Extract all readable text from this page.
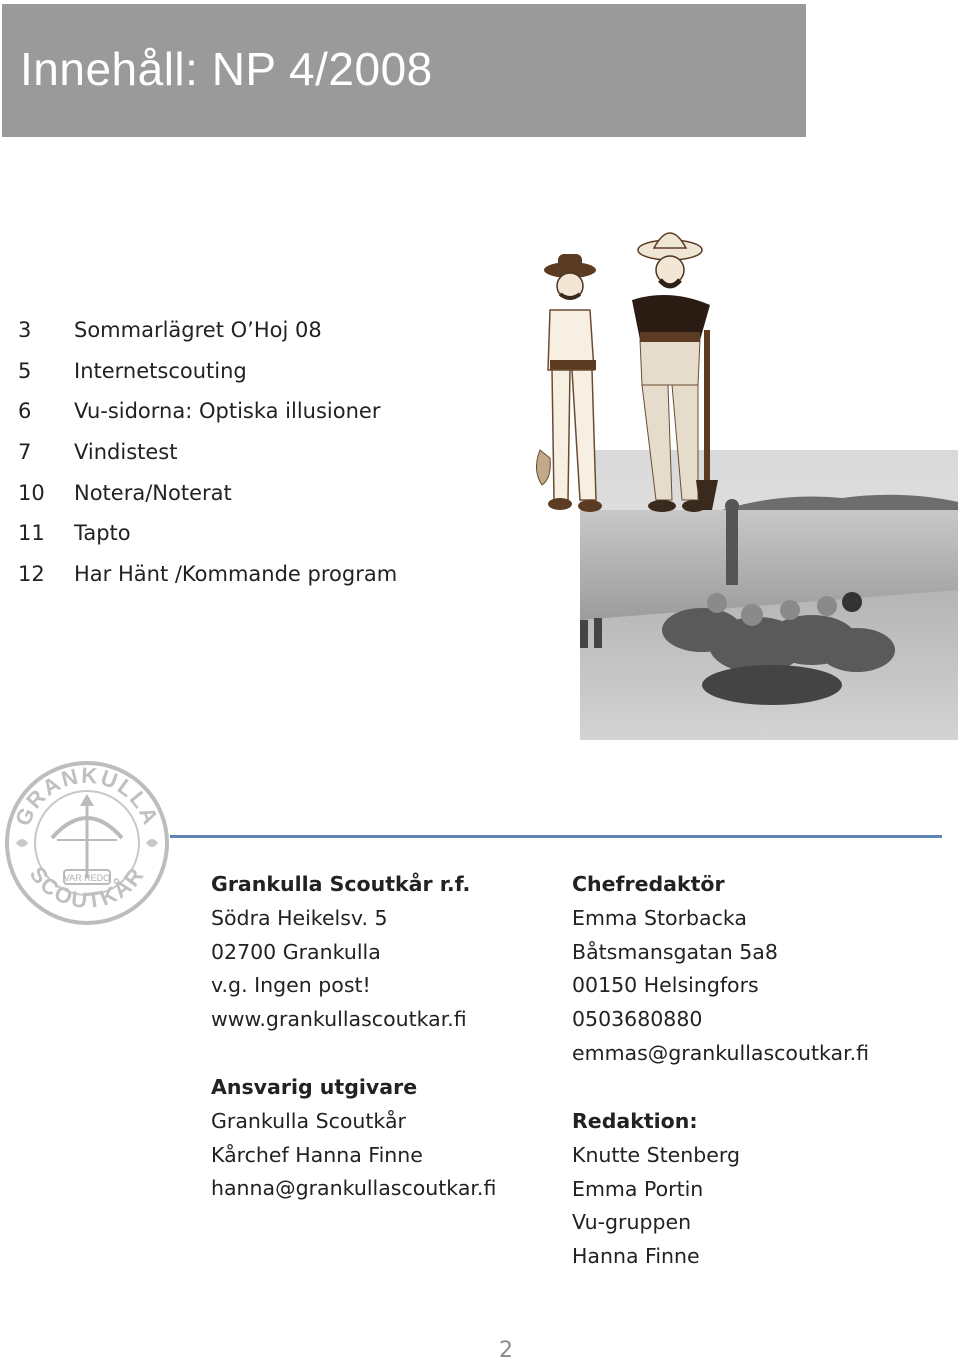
Innehåll: NP 4/2008
3 Sommarlägret O’Hoj 08
5 Internetscouting
6 Vu-sidorna: Optiska illusioner
7 Vindistest
10 Notera/Noterat
11 Tapto
12 Har Hänt /Kommande program
GRANKULLA
SCOUTKÅR
VAR REDO	Grankulla Scoutkår r.f.
Södra Heikelsv. 5
02700 Grankulla
v.g. Ingen post!
www.grankullascoutkar.fi
Ansvarig utgivare
Grankulla Scoutkår
Kårchef Hanna Finne
hanna@grankullascoutkar.fi
Chefredaktör
Emma Storbacka
Båtsmansgatan 5a8
00150 Helsingfors
0503680880
emmas@grankullascoutkar.fi
Redaktion:
Knutte Stenberg
Emma Portin
Vu-gruppen
Hanna Finne
2
